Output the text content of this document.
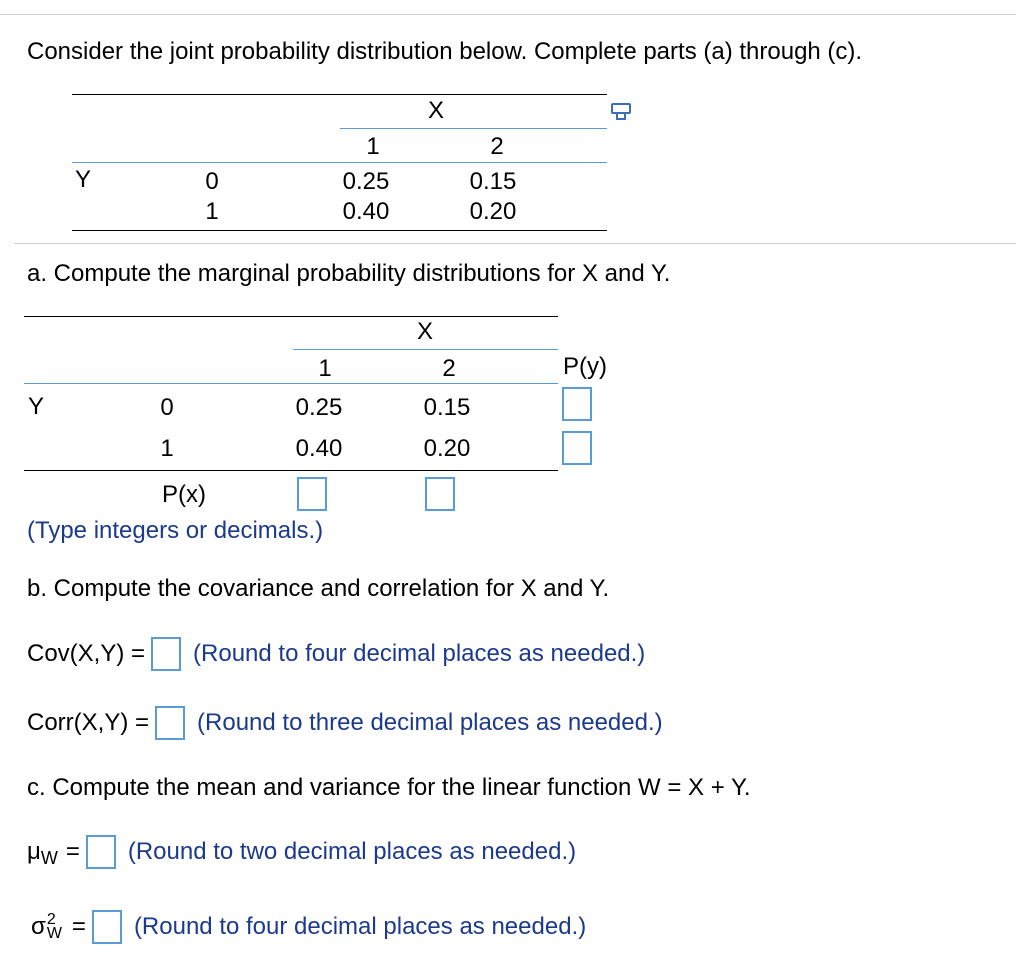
Consider the joint probability distribution below. Complete parts (a) through (c).
X
1	2
Y	0	0.25	0.15
1	0.40	0.20
a. Compute the marginal probability distributions for X and Y.
X
1	2	P(y)
Y	0	0.25	0.15
1	0.40	0.20
P(x)
(Type integers or decimals.)
b. Compute the covariance and correlation for X and Y.
Cov(X,Y) = (Round to four decimal places as needed.)
Corr(X,Y) = (Round to three decimal places as needed.)
c. Compute the mean and variance for the linear function W = X + Y.
μ W = (Round to two decimal places as needed.)
σ 2
W = (Round to four decimal places as needed.)
